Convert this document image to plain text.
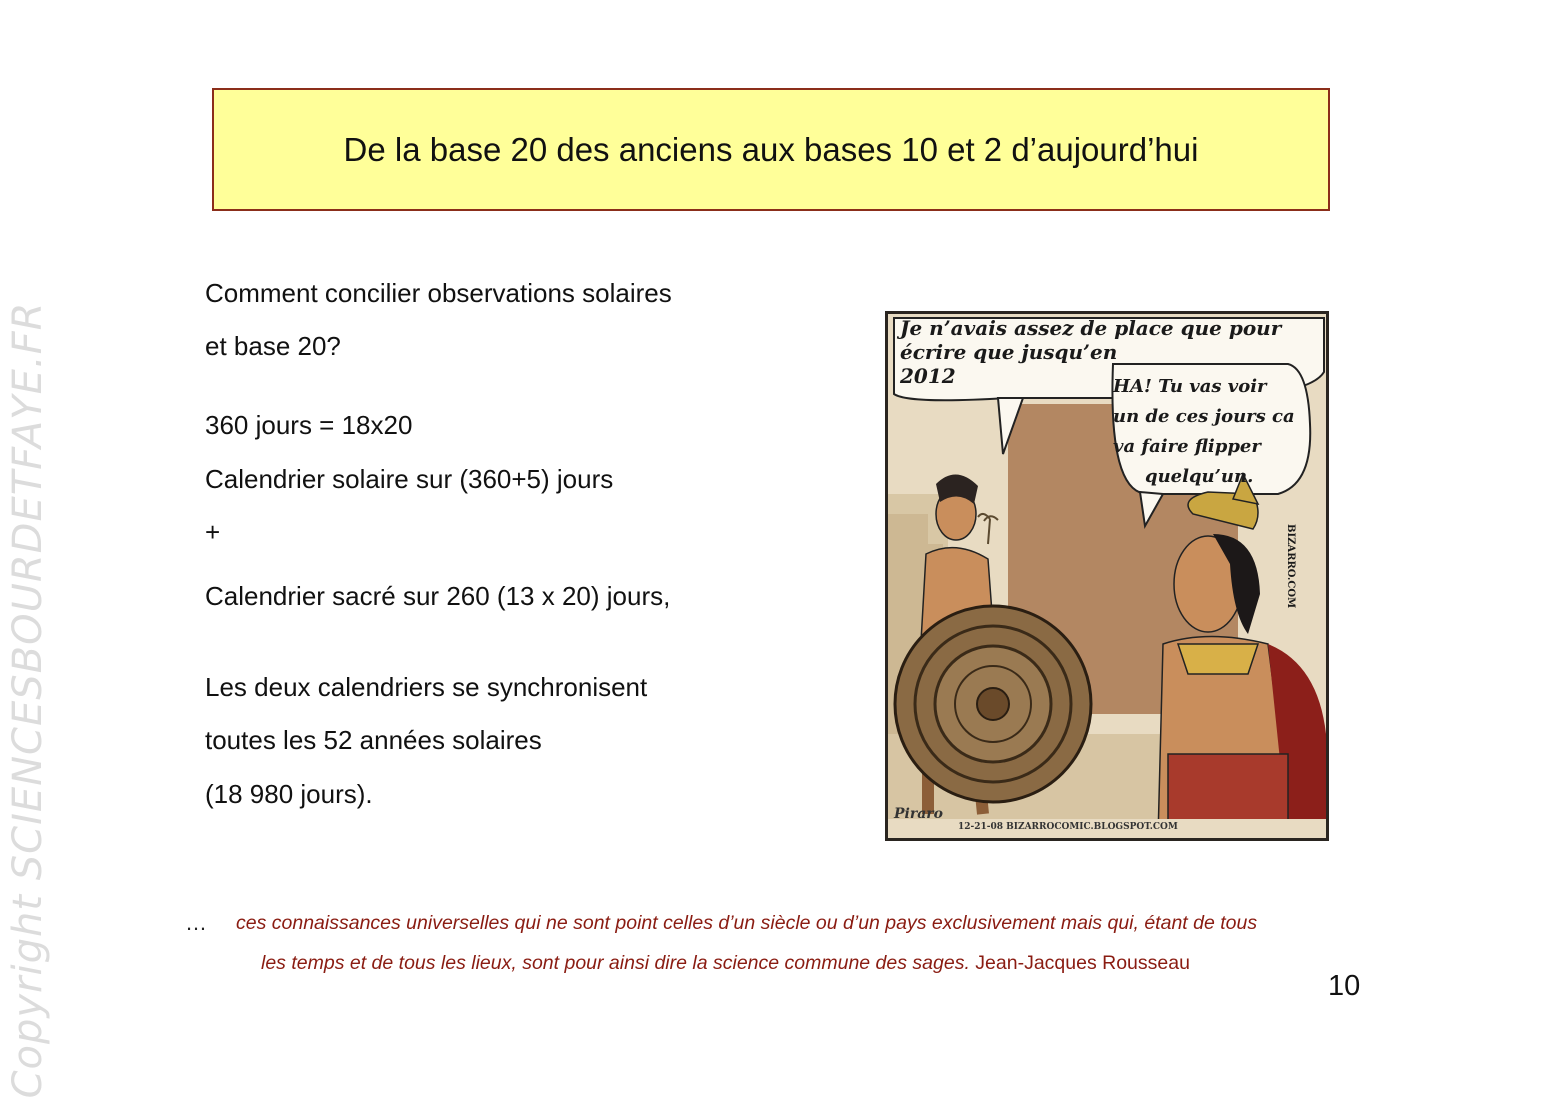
Copyright SCIENCESBOURDETFAYE.FR
De la base 20 des anciens aux bases 10 et 2 d’aujourd’hui
Comment concilier observations solaires
et base 20?
360 jours = 18x20
Calendrier solaire sur (360+5) jours
+
Calendrier sacré sur 260 (13 x 20) jours,
Les deux calendriers se synchronisent
toutes les 52 années solaires
(18 980 jours).
Je n’avais assez de place que pour
écrire que jusqu’en
2012	HA! Tu vas voir
un de ces jours ca
va faire flipper
quelqu’un.
BIZARRO.COM
Piraro
12-21-08 BIZARROCOMIC.BLOGSPOT.COM
… ces connaissances universelles qui ne sont point celles d’un siècle ou d’un pays exclusivement mais qui, étant de tous
les temps et de tous les lieux, sont pour ainsi dire la science commune des sages. Jean-Jacques Rousseau
10
